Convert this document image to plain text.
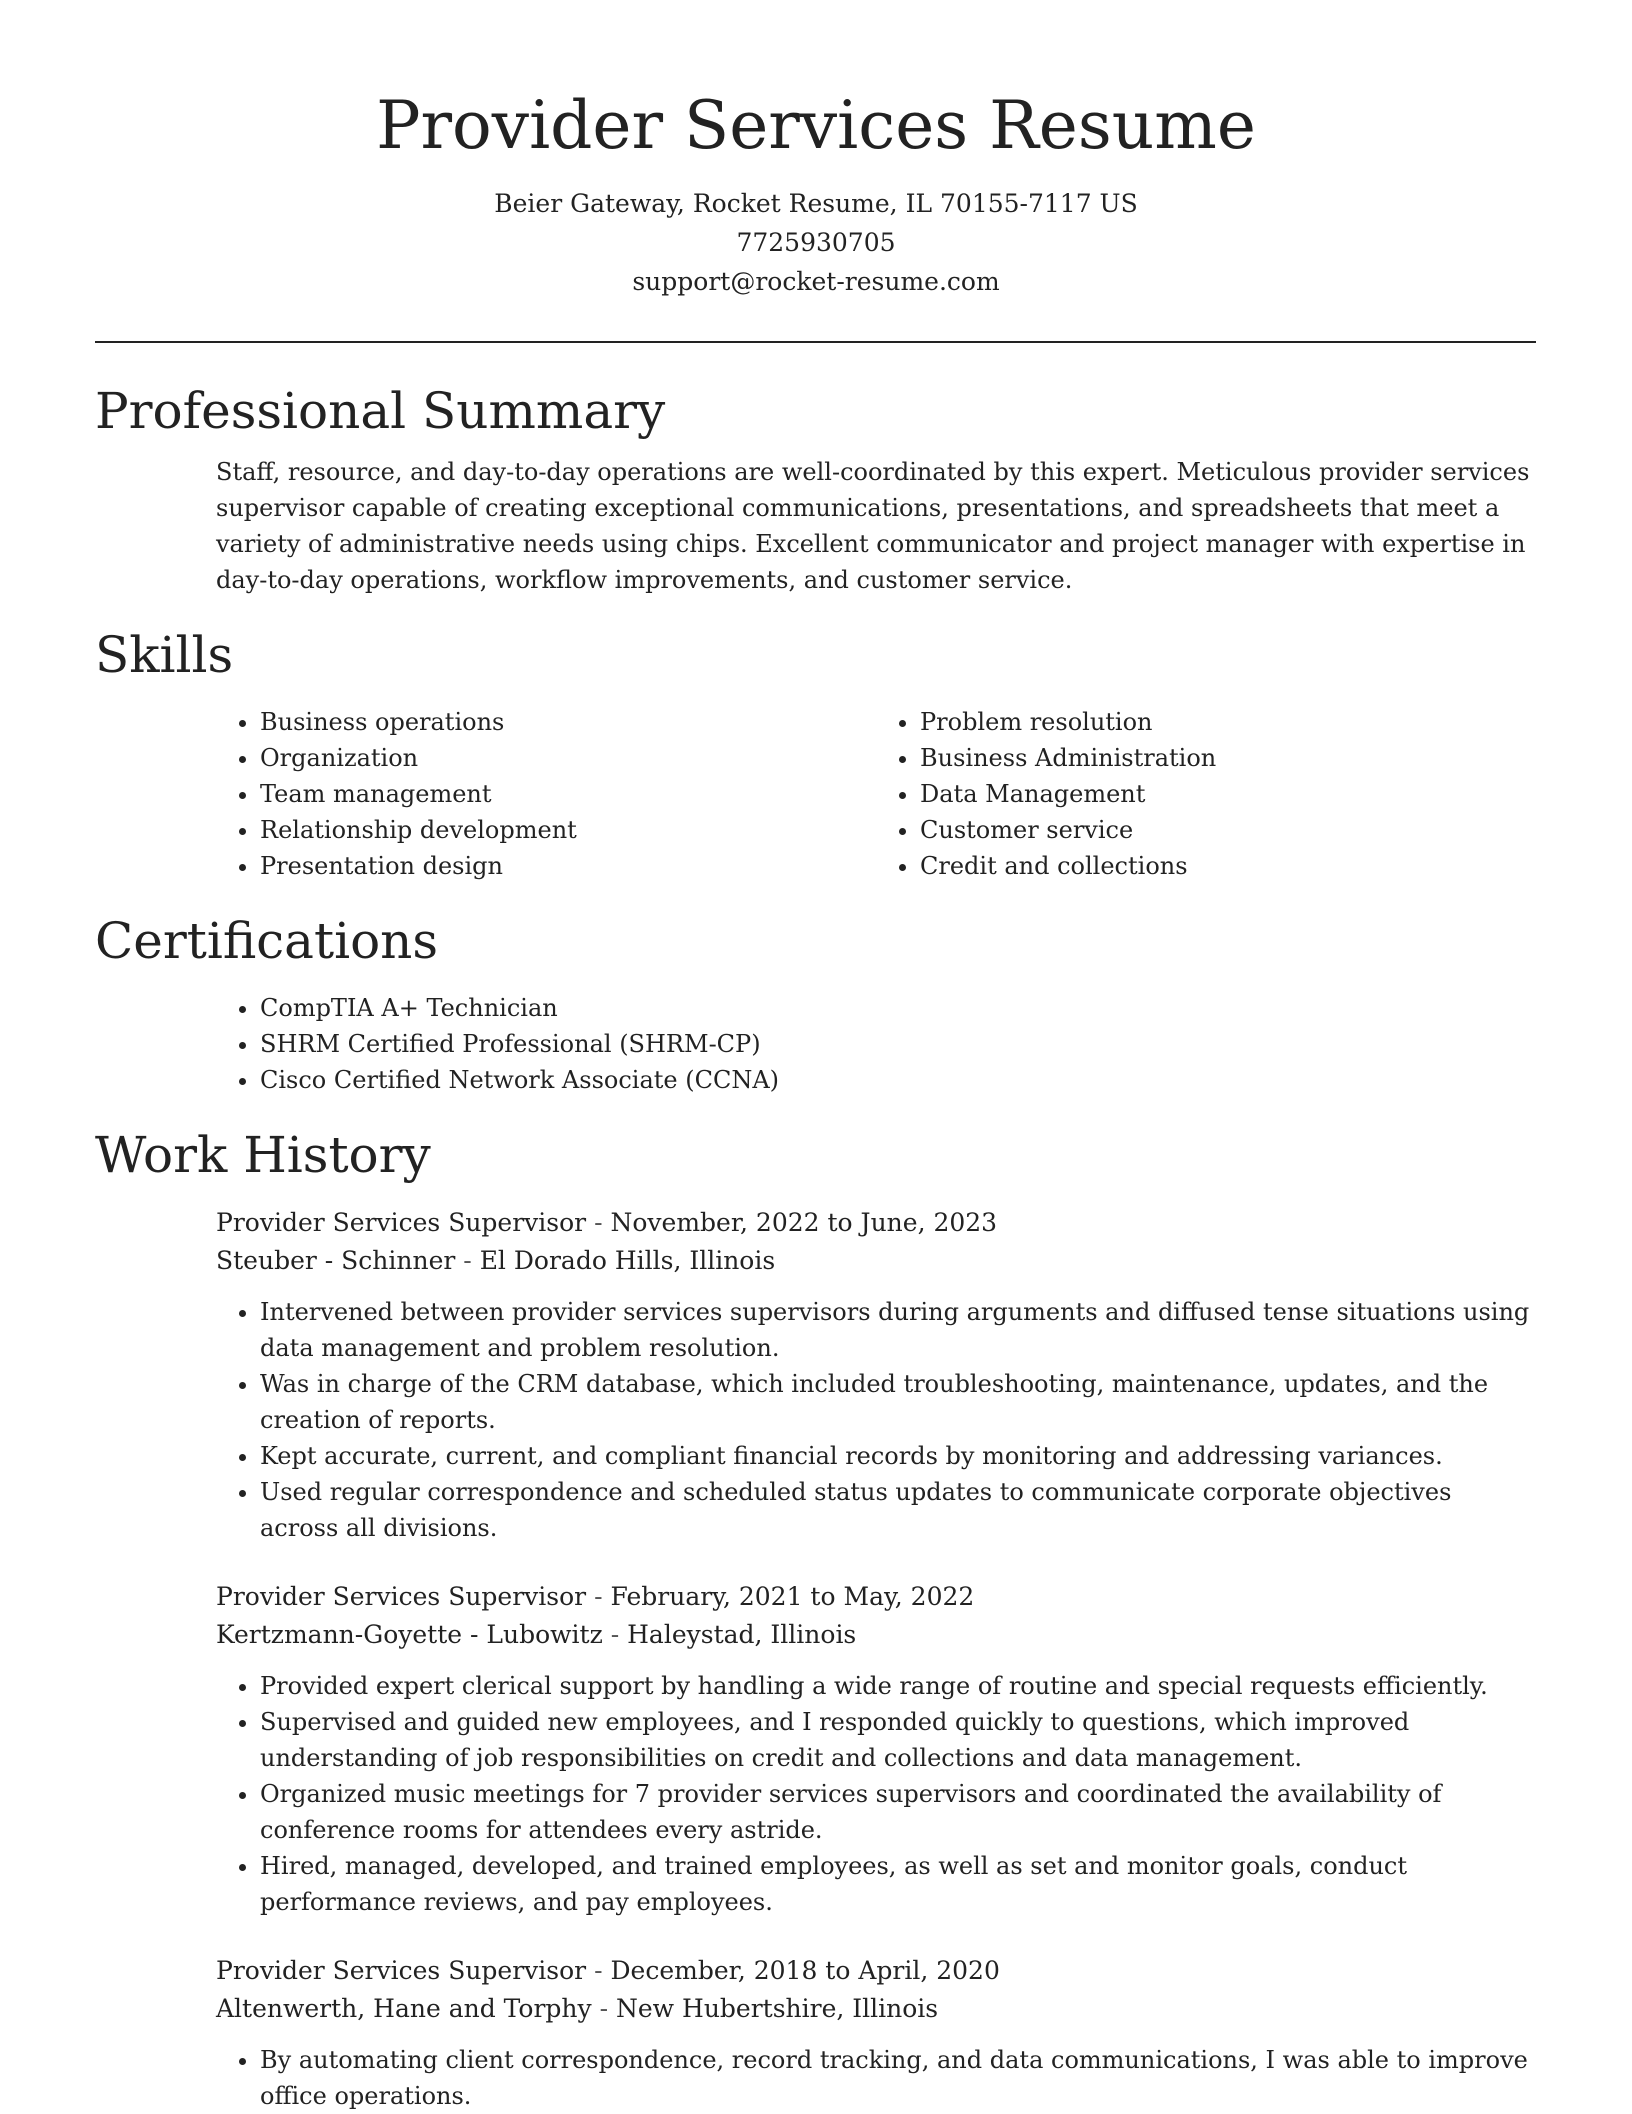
Provider Services Resume
Beier Gateway, Rocket Resume, IL 70155-7117 US
7725930705
support@rocket-resume.com
Professional Summary
Staff, resource, and day-to-day operations are well-coordinated by this expert. Meticulous provider services supervisor capable of creating exceptional communications, presentations, and spreadsheets that meet a variety of administrative needs using chips. Excellent communicator and project manager with expertise in day-to-day operations, workflow improvements, and customer service.
Skills
• Business operations
• Organization
• Team management
• Relationship development
• Presentation design
• Problem resolution
• Business Administration
• Data Management
• Customer service
• Credit and collections
Certifications
• CompTIA A+ Technician
• SHRM Certified Professional (SHRM-CP)
• Cisco Certified Network Associate (CCNA)
Work History
Provider Services Supervisor - November, 2022 to June, 2023
Steuber - Schinner - El Dorado Hills, Illinois
• Intervened between provider services supervisors during arguments and diffused tense situations using data management and problem resolution.
• Was in charge of the CRM database, which included troubleshooting, maintenance, updates, and the creation of reports.
• Kept accurate, current, and compliant financial records by monitoring and addressing variances.
• Used regular correspondence and scheduled status updates to communicate corporate objectives across all divisions.
Provider Services Supervisor - February, 2021 to May, 2022
Kertzmann-Goyette - Lubowitz - Haleystad, Illinois
• Provided expert clerical support by handling a wide range of routine and special requests efficiently.
• Supervised and guided new employees, and I responded quickly to questions, which improved understanding of job responsibilities on credit and collections and data management.
• Organized music meetings for 7 provider services supervisors and coordinated the availability of conference rooms for attendees every astride.
• Hired, managed, developed, and trained employees, as well as set and monitor goals, conduct performance reviews, and pay employees.
Provider Services Supervisor - December, 2018 to April, 2020
Altenwerth, Hane and Torphy - New Hubertshire, Illinois
• By automating client correspondence, record tracking, and data communications, I was able to improve office operations.
